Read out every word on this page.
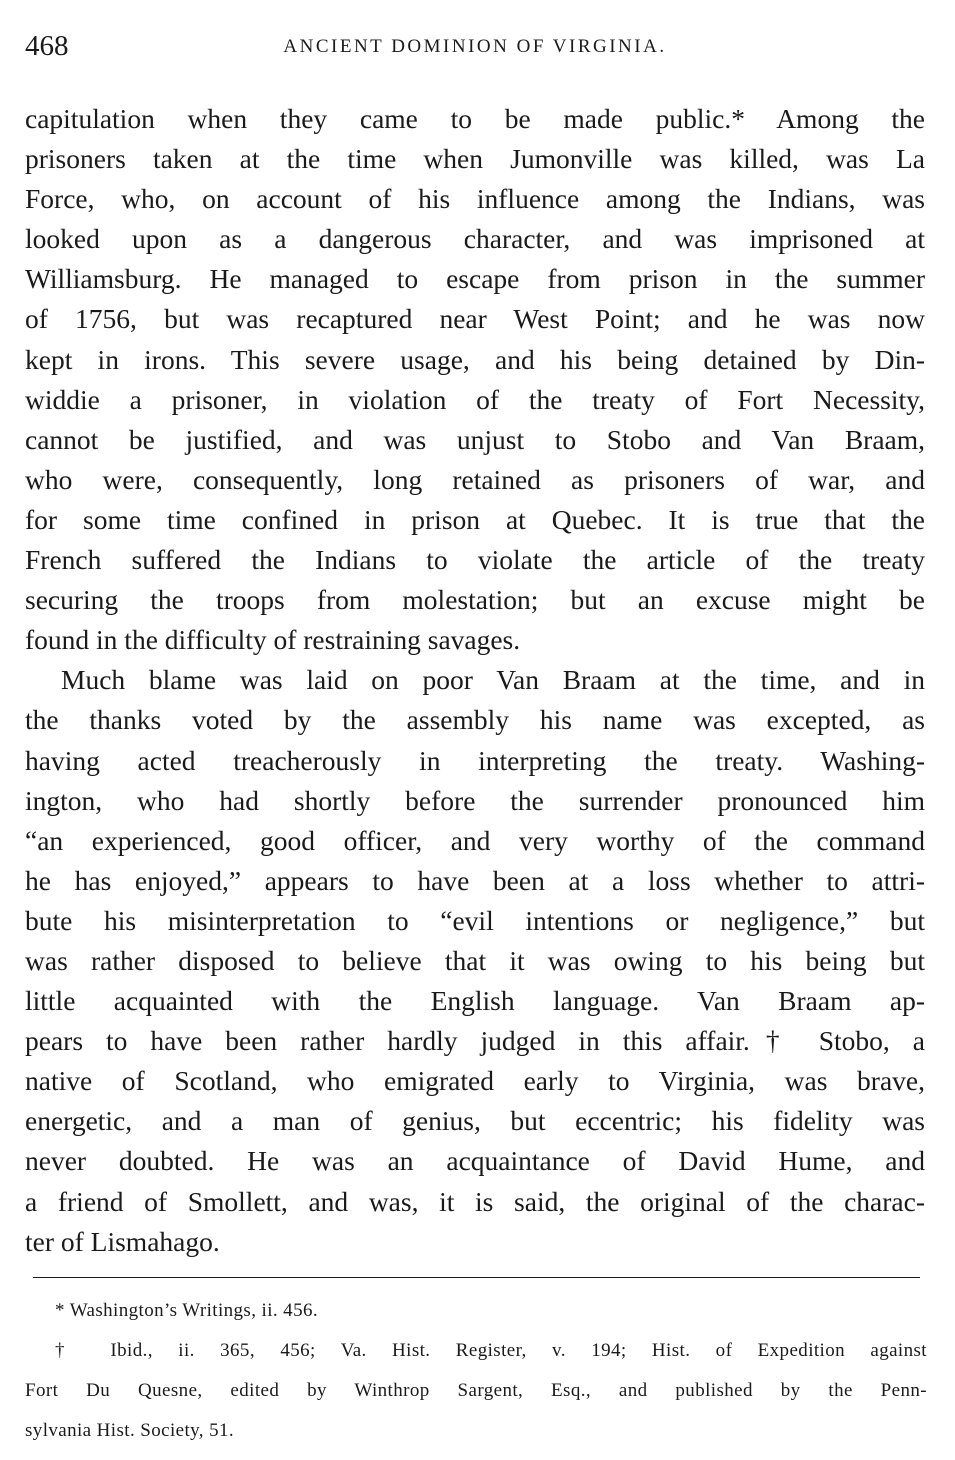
468	ANCIENT DOMINION OF VIRGINIA.
capitulation when they came to be made public.* Among the
prisoners taken at the time when Jumonville was killed, was La
Force, who, on account of his influence among the Indians, was
looked upon as a dangerous character, and was imprisoned at
Williamsburg. He managed to escape from prison in the summer
of 1756, but was recaptured near West Point; and he was now
kept in irons. This severe usage, and his being detained by Din-
widdie a prisoner, in violation of the treaty of Fort Necessity,
cannot be justified, and was unjust to Stobo and Van Braam,
who were, consequently, long retained as prisoners of war, and
for some time confined in prison at Quebec. It is true that the
French suffered the Indians to violate the article of the treaty
securing the troops from molestation; but an excuse might be
found in the difficulty of restraining savages.
Much blame was laid on poor Van Braam at the time, and in
the thanks voted by the assembly his name was excepted, as
having acted treacherously in interpreting the treaty. Washing-
ington, who had shortly before the surrender pronounced him
“an experienced, good officer, and very worthy of the command
he has enjoyed,” appears to have been at a loss whether to attri-
bute his misinterpretation to “evil intentions or negligence,” but
was rather disposed to believe that it was owing to his being but
little acquainted with the English language. Van Braam ap-
pears to have been rather hardly judged in this affair.† Stobo, a
native of Scotland, who emigrated early to Virginia, was brave,
energetic, and a man of genius, but eccentric; his fidelity was
never doubted. He was an acquaintance of David Hume, and
a friend of Smollett, and was, it is said, the original of the charac-
ter of Lismahago.
* Washington’s Writings, ii. 456.
† Ibid., ii. 365, 456; Va. Hist. Register, v. 194; Hist. of Expedition against
Fort Du Quesne, edited by Winthrop Sargent, Esq., and published by the Penn-
sylvania Hist. Society, 51.
